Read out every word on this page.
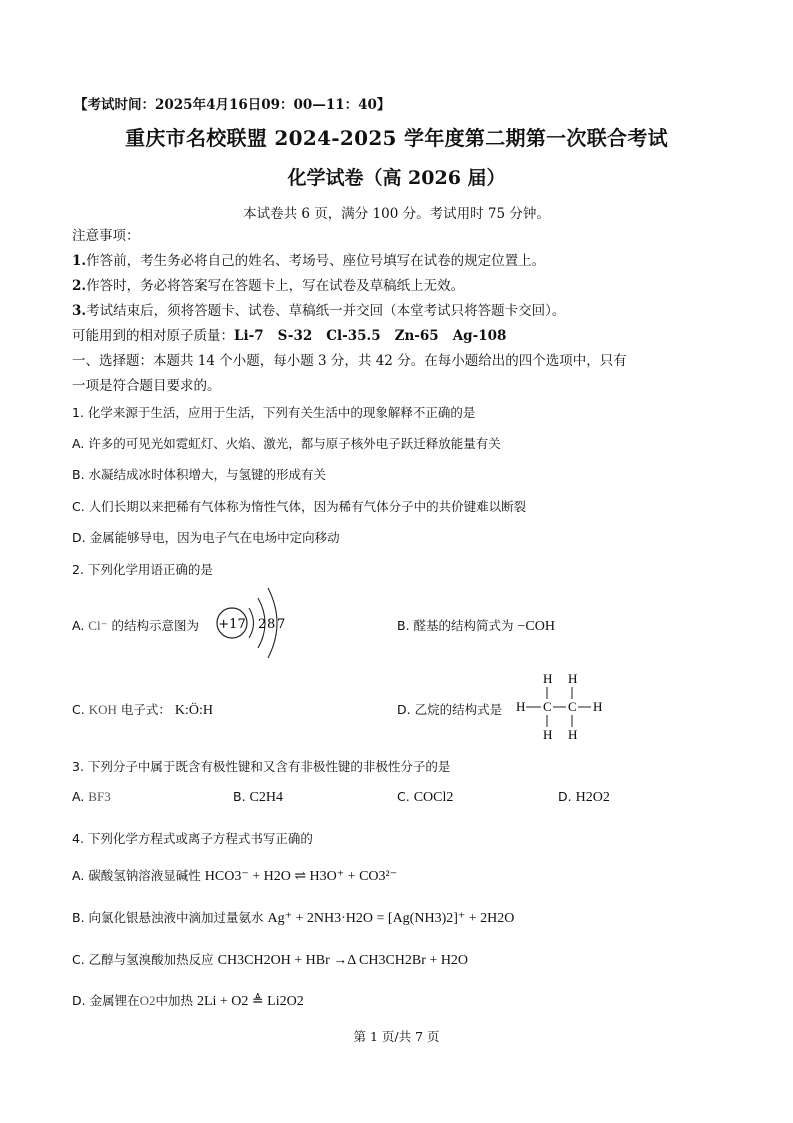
【考试时间：2025年4月16日09：00—11：40】
重庆市名校联盟 2024-2025 学年度第二期第一次联合考试
化学试卷（高 2026 届）
本试卷共 6 页，满分 100 分。考试用时 75 分钟。
注意事项：
1.作答前，考生务必将自己的姓名、考场号、座位号填写在试卷的规定位置上。
2.作答时，务必将答案写在答题卡上，写在试卷及草稿纸上无效。
3.考试结束后，须将答题卡、试卷、草稿纸一并交回（本堂考试只将答题卡交回）。
可能用到的相对原子质量：Li-7 S-32 Cl-35.5 Zn-65 Ag-108
一、选择题：本题共 14 个小题，每小题 3 分，共 42 分。在每小题给出的四个选项中，只有
一项是符合题目要求的。
1. 化学来源于生活，应用于生活，下列有关生活中的现象解释不正确的是
A. 许多的可见光如霓虹灯、火焰、激光，都与原子核外电子跃迁释放能量有关
B. 水凝结成冰时体积增大，与氢键的形成有关
C. 人们长期以来把稀有气体称为惰性气体，因为稀有气体分子中的共价键难以断裂
D. 金属能够导电，因为电子气在电场中定向移动
2. 下列化学用语正确的是
A. Cl⁻ 的结构示意图为 +17 2 8 7	B. 醛基的结构简式为 −COH
C. KOH 电子式： K:Ö:H	D. 乙烷的结构式是
H H
H C C H
H H
3. 下列分子中属于既含有极性键和又含有非极性键的非极性分子的是
A. BF3	B. C2H4	C. COCl2	D. H2O2
4. 下列化学方程式或离子方程式书写正确的
A. 碳酸氢钠溶液显碱性 HCO3⁻ + H2O ⇌ H3O⁺ + CO3²⁻
B. 向氯化银悬浊液中滴加过量氨水 Ag⁺ + 2NH3·H2O = [Ag(NH3)2]⁺ + 2H2O
C. 乙醇与氢溴酸加热反应 CH3CH2OH + HBr →Δ CH3CH2Br + H2O
D. 金属锂在O2中加热 2Li + O2 ≜ Li2O2
第 1 页/共 7 页
